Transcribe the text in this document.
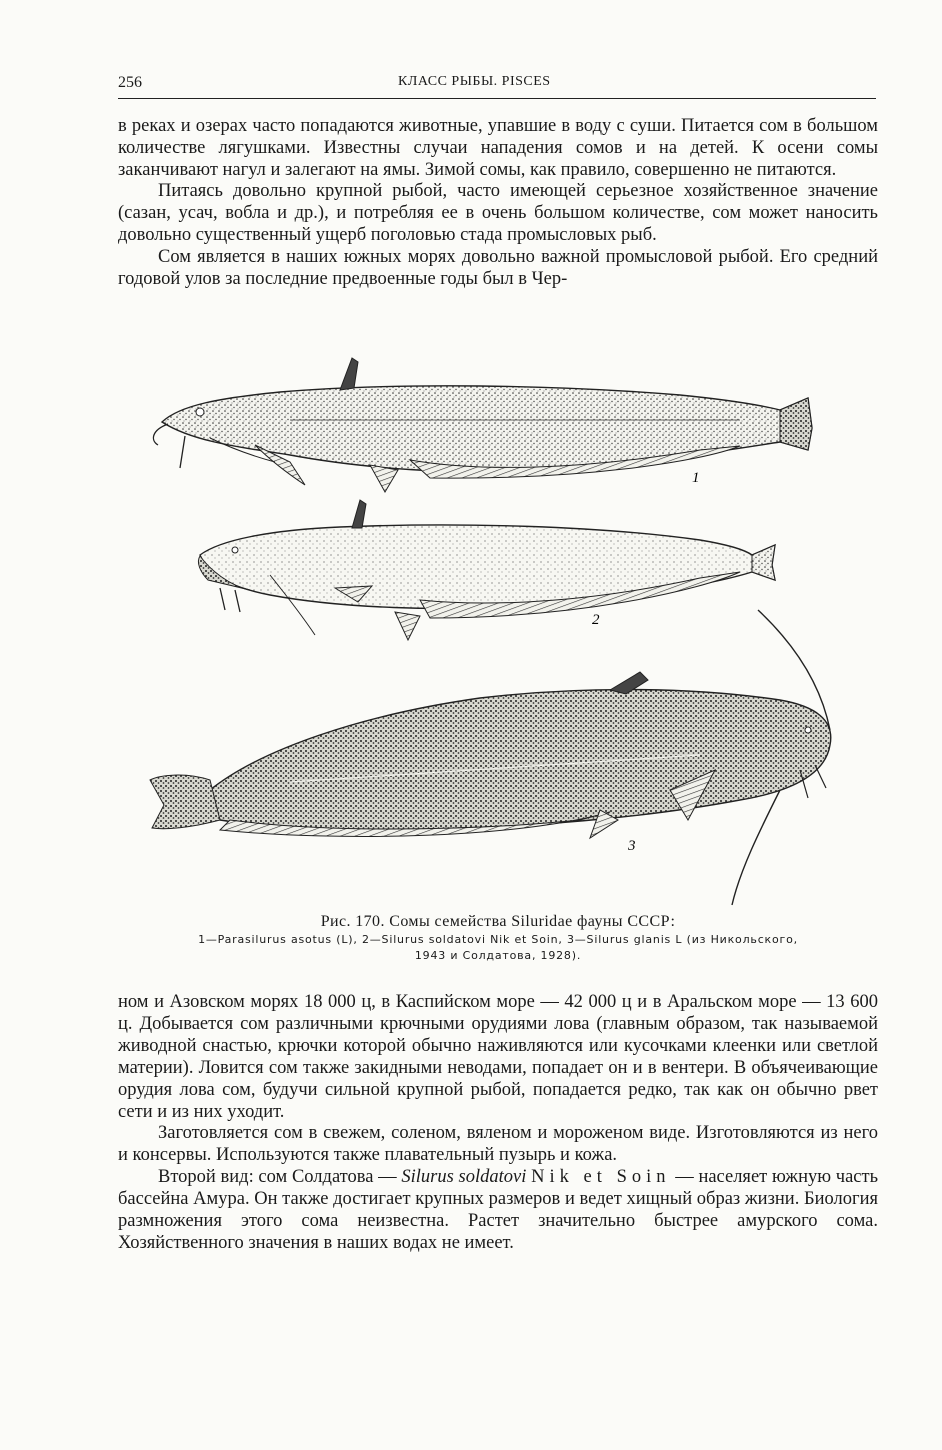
256	КЛАСС РЫБЫ. PISCES

в реках и озерах часто попадаются животные, упавшие в воду с суши. Питается сом в большом количестве лягушками. Известны случаи нападения сомов и на детей. К осени сомы заканчивают нагул и залегают на ямы. Зимой сомы, как правило, совершенно не питаются.

Питаясь довольно крупной рыбой, часто имеющей серьезное хозяйственное значение (сазан, усач, вобла и др.), и потребляя ее в очень большом количестве, сом может наносить довольно существенный ущерб поголовью стада промысловых рыб.

Сом является в наших южных морях довольно важной промысловой рыбой. Его средний годовой улов за последние предвоенные годы был в Чер-

1
2
3
Рис. 170. Сомы семейства Siluridae фауны СССР:
1—Parasilurus asotus (L), 2—Silurus soldatovi Nik et Soin, 3—Silurus glanis L (из Никольского,
1943 и Солдатова, 1928).

ном и Азовском морях 18 000 ц, в Каспийском море — 42 000 ц и в Аральском море — 13 600 ц. Добывается сом различными крючными орудиями лова (главным образом, так называемой живодной снастью, крючки которой обычно наживляются или кусочками клеенки или светлой материи). Ловится сом также закидными неводами, попадает он и в вентери. В объячеивающие орудия лова сом, будучи сильной крупной рыбой, попадается редко, так как он обычно рвет сети и из них уходит.

Заготовляется сом в свежем, соленом, вяленом и мороженом виде. Изготовляются из него и консервы. Используются также плавательный пузырь и кожа.

Второй вид: сом Солдатова — Silurus soldatovi Nik et Soin — населяет южную часть бассейна Амура. Он также достигает крупных размеров и ведет хищный образ жизни. Биология размножения этого сома неизвестна. Растет значительно быстрее амурского сома. Хозяйственного значения в наших водах не имеет.
